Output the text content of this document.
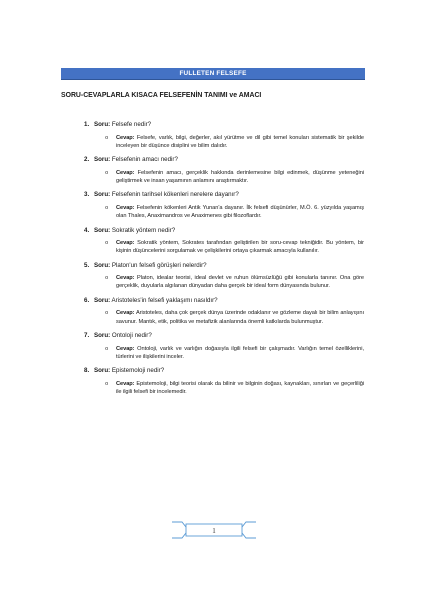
FULLETEN FELSEFE
SORU-CEVAPLARLA KISACA FELSEFENİN TANIMI ve AMACI
1. Soru: Felsefe nedir?
o Cevap: Felsefe, varlık, bilgi, değerler, akıl yürütme ve dil gibi temel konuları sistematik bir şekilde inceleyen bir düşünce disiplini ve bilim dalıdır.
2. Soru: Felsefenin amacı nedir?
o Cevap: Felsefenin amacı, gerçeklik hakkında derinlemesine bilgi edinmek, düşünme yeteneğini geliştirmek ve insan yaşamının anlamını araştırmaktır.
3. Soru: Felsefenin tarihsel kökenleri nerelere dayanır?
o Cevap: Felsefenin kökenleri Antik Yunan'a dayanır. İlk felsefi düşünürler, M.Ö. 6. yüzyılda yaşamış olan Thales, Anaximandros ve Anaximenes gibi filozoflardır.
4. Soru: Sokratik yöntem nedir?
o Cevap: Sokratik yöntem, Sokrates tarafından geliştirilen bir soru-cevap tekniğidir. Bu yöntem, bir kişinin düşüncelerini sorgulamak ve çelişkilerini ortaya çıkarmak amacıyla kullanılır.
5. Soru: Platon'un felsefi görüşleri nelerdir?
o Cevap: Platon, idealar teorisi, ideal devlet ve ruhun ölümsüzlüğü gibi konularla tanınır. Ona göre gerçeklik, duyularla algılanan dünyadan daha gerçek bir ideal form dünyasında bulunur.
6. Soru: Aristoteles'in felsefi yaklaşımı nasıldır?
o Cevap: Aristoteles, daha çok gerçek dünya üzerinde odaklanır ve gözleme dayalı bir bilim anlayışını savunur. Mantık, etik, politika ve metafizik alanlarında önemli katkılarda bulunmuştur.
7. Soru: Ontoloji nedir?
o Cevap: Ontoloji, varlık ve varlığın doğasıyla ilgili felsefi bir çalışmadır. Varlığın temel özelliklerini, türlerini ve ilişkilerini inceler.
8. Soru: Epistemoloji nedir?
o Cevap: Epistemoloji, bilgi teorisi olarak da bilinir ve bilginin doğası, kaynakları, sınırları ve geçerliliği ile ilgili felsefi bir incelemedir.
1
